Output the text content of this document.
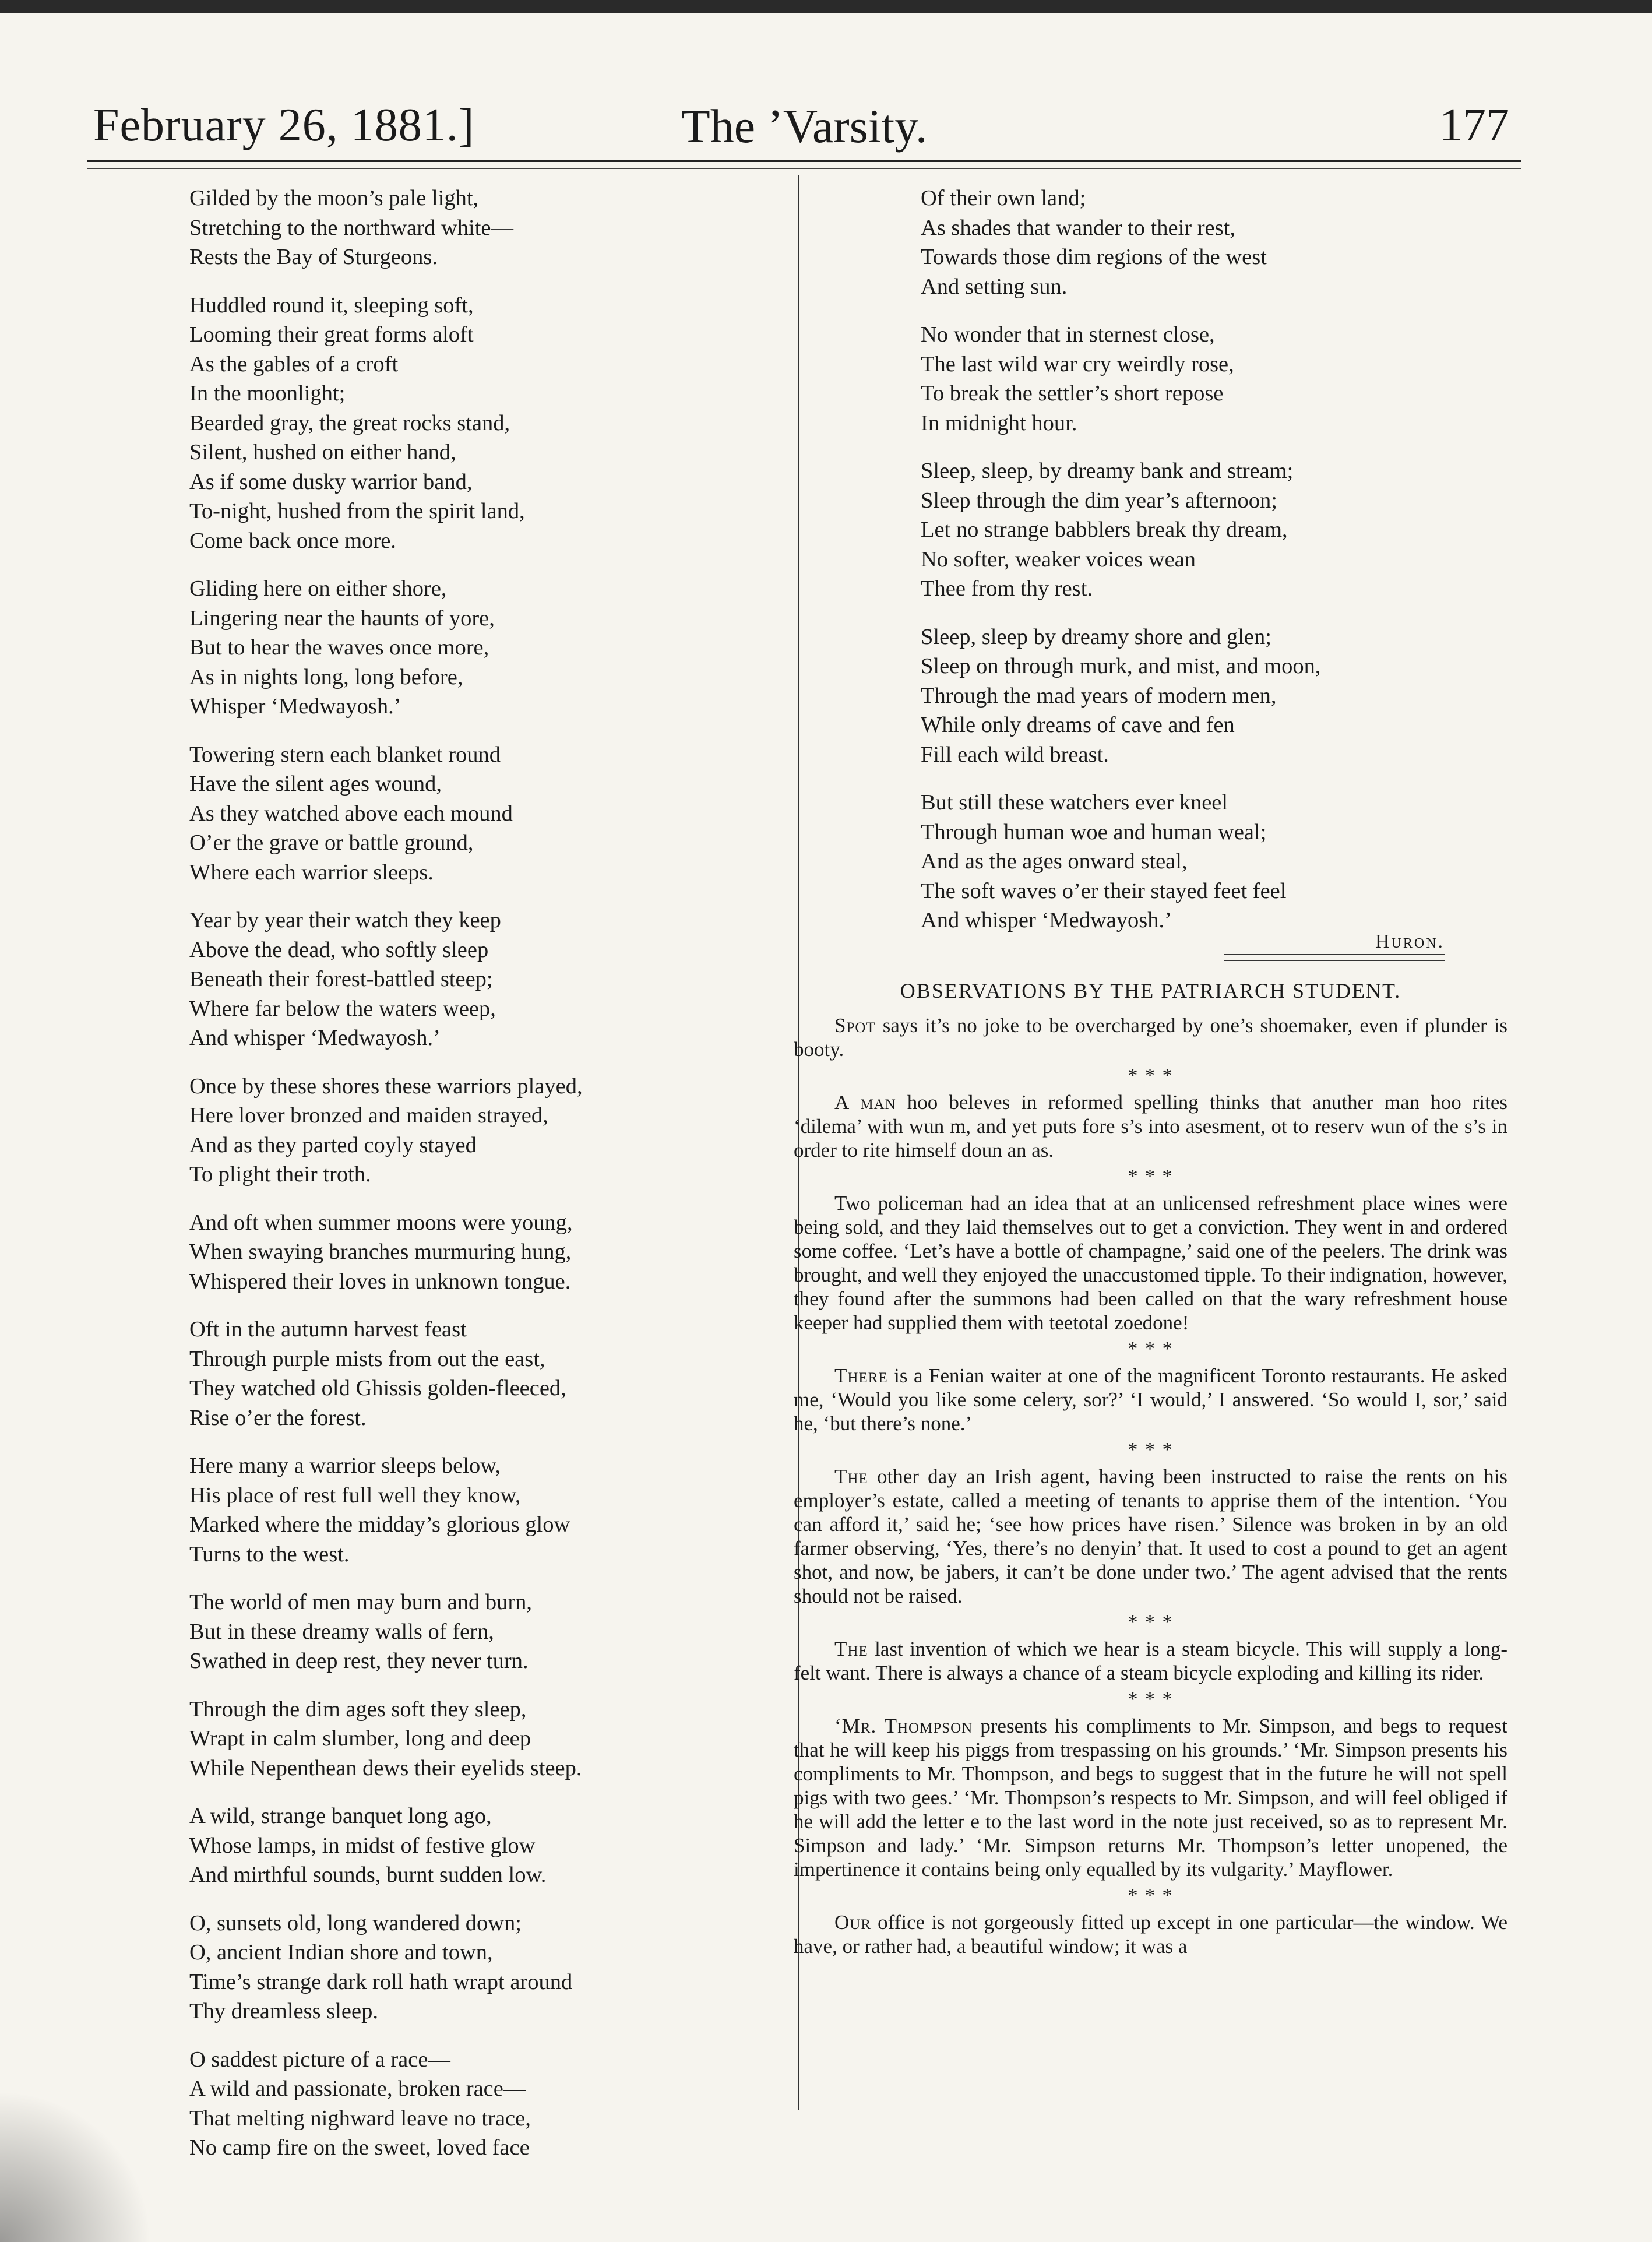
February 26, 1881.]	The ’Varsity.	177
Gilded by the moon’s pale light,
Stretching to the northward white—
Rests the Bay of Sturgeons.
Huddled round it, sleeping soft,
Looming their great forms aloft
As the gables of a croft
In the moonlight;
Bearded gray, the great rocks stand,
Silent, hushed on either hand,
As if some dusky warrior band,
To-night, hushed from the spirit land,
Come back once more.
Gliding here on either shore,
Lingering near the haunts of yore,
But to hear the waves once more,
As in nights long, long before,
Whisper ‘Medwayosh.’
Towering stern each blanket round
Have the silent ages wound,
As they watched above each mound
O’er the grave or battle ground,
Where each warrior sleeps.
Year by year their watch they keep
Above the dead, who softly sleep
Beneath their forest-battled steep;
Where far below the waters weep,
And whisper ‘Medwayosh.’
Once by these shores these warriors played,
Here lover bronzed and maiden strayed,
And as they parted coyly stayed
To plight their troth.
And oft when summer moons were young,
When swaying branches murmuring hung,
Whispered their loves in unknown tongue.
Oft in the autumn harvest feast
Through purple mists from out the east,
They watched old Ghissis golden-fleeced,
Rise o’er the forest.
Here many a warrior sleeps below,
His place of rest full well they know,
Marked where the midday’s glorious glow
Turns to the west.
The world of men may burn and burn,
But in these dreamy walls of fern,
Swathed in deep rest, they never turn.
Through the dim ages soft they sleep,
Wrapt in calm slumber, long and deep
While Nepenthean dews their eyelids steep.
A wild, strange banquet long ago,
Whose lamps, in midst of festive glow
And mirthful sounds, burnt sudden low.
O, sunsets old, long wandered down;
O, ancient Indian shore and town,
Time’s strange dark roll hath wrapt around
Thy dreamless sleep.
O saddest picture of a race—
A wild and passionate, broken race—
That melting nighward leave no trace,
No camp fire on the sweet, loved face
Of their own land;
As shades that wander to their rest,
Towards those dim regions of the west
And setting sun.
No wonder that in sternest close,
The last wild war cry weirdly rose,
To break the settler’s short repose
In midnight hour.
Sleep, sleep, by dreamy bank and stream;
Sleep through the dim year’s afternoon;
Let no strange babblers break thy dream,
No softer, weaker voices wean
Thee from thy rest.
Sleep, sleep by dreamy shore and glen;
Sleep on through murk, and mist, and moon,
Through the mad years of modern men,
While only dreams of cave and fen
Fill each wild breast.
But still these watchers ever kneel
Through human woe and human weal;
And as the ages onward steal,
The soft waves o’er their stayed feet feel
And whisper ‘Medwayosh.’
Huron.
OBSERVATIONS BY THE PATRIARCH STUDENT.

Spot says it’s no joke to be overcharged by one’s shoemaker, even if plunder is booty.

* * *

A man hoo beleves in reformed spelling thinks that anuther man hoo rites ‘dilema’ with wun m, and yet puts fore s’s into asesment, ot to reserv wun of the s’s in order to rite himself doun an as.

* * *

Two policeman had an idea that at an unlicensed refreshment place wines were being sold, and they laid themselves out to get a conviction. They went in and ordered some coffee. ‘Let’s have a bottle of champagne,’ said one of the peelers. The drink was brought, and well they enjoyed the unaccustomed tipple. To their indignation, however, they found after the summons had been called on that the wary refreshment house keeper had supplied them with teetotal zoedone!

* * *

There is a Fenian waiter at one of the magnificent Toronto restaurants. He asked me, ‘Would you like some celery, sor?’ ‘I would,’ I answered. ‘So would I, sor,’ said he, ‘but there’s none.’

* * *

The other day an Irish agent, having been instructed to raise the rents on his employer’s estate, called a meeting of tenants to apprise them of the intention. ‘You can afford it,’ said he; ‘see how prices have risen.’ Silence was broken in by an old farmer observing, ‘Yes, there’s no denyin’ that. It used to cost a pound to get an agent shot, and now, be jabers, it can’t be done under two.’ The agent advised that the rents should not be raised.

* * *

The last invention of which we hear is a steam bicycle. This will supply a long-felt want. There is always a chance of a steam bicycle exploding and killing its rider.

* * *

‘Mr. Thompson presents his compliments to Mr. Simpson, and begs to request that he will keep his piggs from trespassing on his grounds.’ ‘Mr. Simpson presents his compliments to Mr. Thompson, and begs to suggest that in the future he will not spell pigs with two gees.’ ‘Mr. Thompson’s respects to Mr. Simpson, and will feel obliged if he will add the letter e to the last word in the note just received, so as to represent Mr. Simpson and lady.’ ‘Mr. Simpson returns Mr. Thompson’s letter unopened, the impertinence it contains being only equalled by its vulgarity.’ Mayflower.

* * *

Our office is not gorgeously fitted up except in one particular—the window. We have, or rather had, a beautiful window; it was a
